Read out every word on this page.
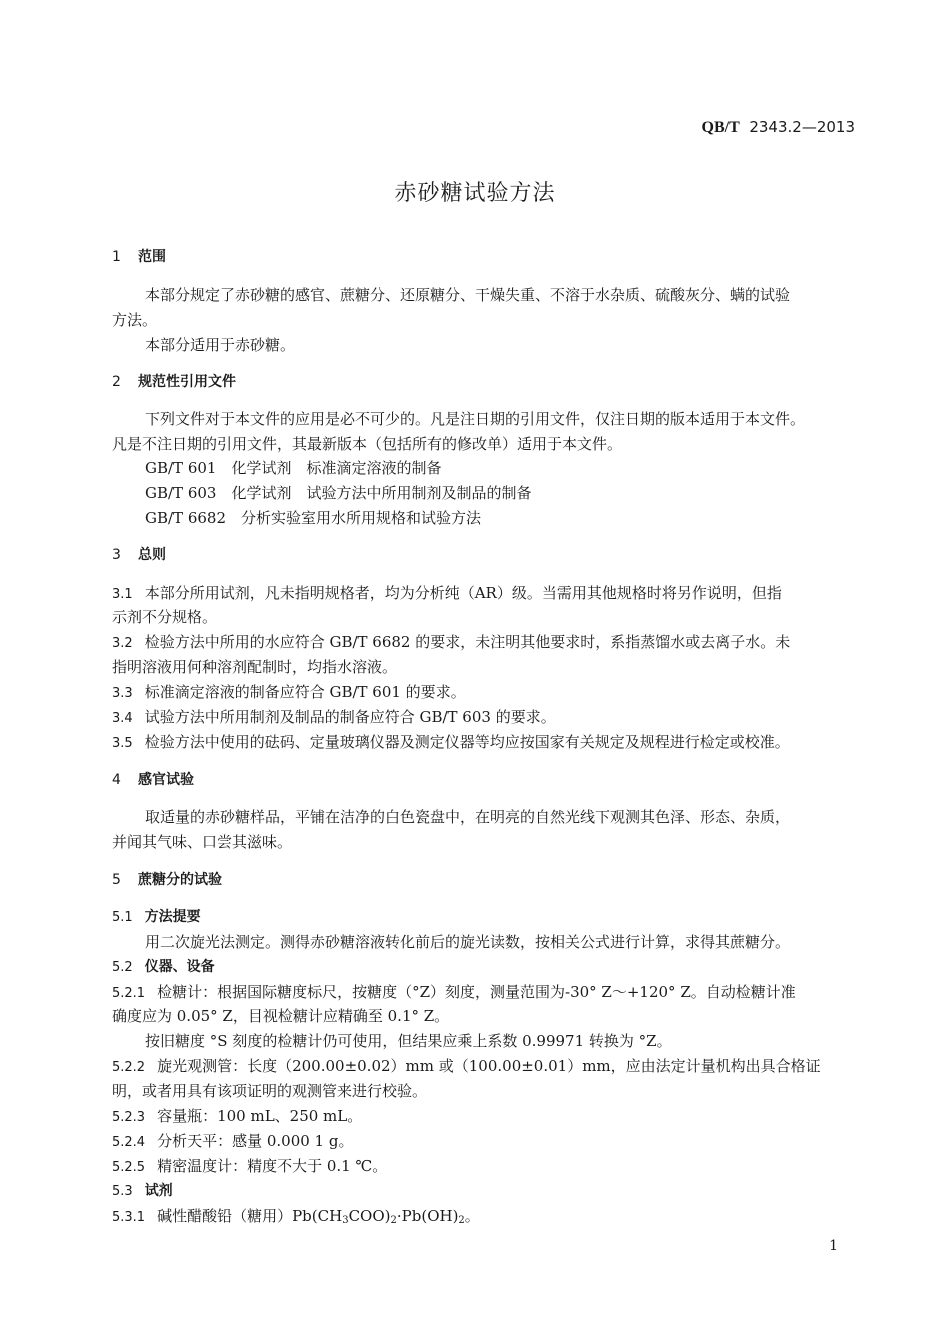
QB/T 2343.2—2013
赤砂糖试验方法
1 范围
本部分规定了赤砂糖的感官、蔗糖分、还原糖分、干燥失重、不溶于水杂质、硫酸灰分、螨的试验
方法。
本部分适用于赤砂糖。
2 规范性引用文件
下列文件对于本文件的应用是必不可少的。凡是注日期的引用文件，仅注日期的版本适用于本文件。
凡是不注日期的引用文件，其最新版本（包括所有的修改单）适用于本文件。
GB/T 601　化学试剂　标准滴定溶液的制备
GB/T 603　化学试剂　试验方法中所用制剂及制品的制备
GB/T 6682　分析实验室用水所用规格和试验方法
3 总则
3.1 本部分所用试剂，凡未指明规格者，均为分析纯（AR）级。当需用其他规格时将另作说明，但指
示剂不分规格。
3.2 检验方法中所用的水应符合 GB/T 6682 的要求，未注明其他要求时，系指蒸馏水或去离子水。未
指明溶液用何种溶剂配制时，均指水溶液。
3.3 标准滴定溶液的制备应符合 GB/T 601 的要求。
3.4 试验方法中所用制剂及制品的制备应符合 GB/T 603 的要求。
3.5 检验方法中使用的砝码、定量玻璃仪器及测定仪器等均应按国家有关规定及规程进行检定或校准。
4 感官试验
取适量的赤砂糖样品，平铺在洁净的白色瓷盘中，在明亮的自然光线下观测其色泽、形态、杂质，
并闻其气味、口尝其滋味。
5 蔗糖分的试验
5.1 方法提要
用二次旋光法测定。测得赤砂糖溶液转化前后的旋光读数，按相关公式进行计算，求得其蔗糖分。
5.2 仪器、设备
5.2.1 检糖计：根据国际糖度标尺，按糖度（°Z）刻度，测量范围为-30° Z～+120° Z。自动检糖计准
确度应为 0.05° Z，目视检糖计应精确至 0.1° Z。
按旧糖度 °S 刻度的检糖计仍可使用，但结果应乘上系数 0.99971 转换为 °Z。
5.2.2 旋光观测管：长度（200.00±0.02）mm 或（100.00±0.01）mm，应由法定计量机构出具合格证
明，或者用具有该项证明的观测管来进行校验。
5.2.3 容量瓶：100 mL、250 mL。
5.2.4 分析天平：感量 0.000 1 g。
5.2.5 精密温度计：精度不大于 0.1 ℃。
5.3 试剂
5.3.1 碱性醋酸铅（糖用）$Pb(CH_3COO)_2\cdot Pb(OH)_2$。
1
